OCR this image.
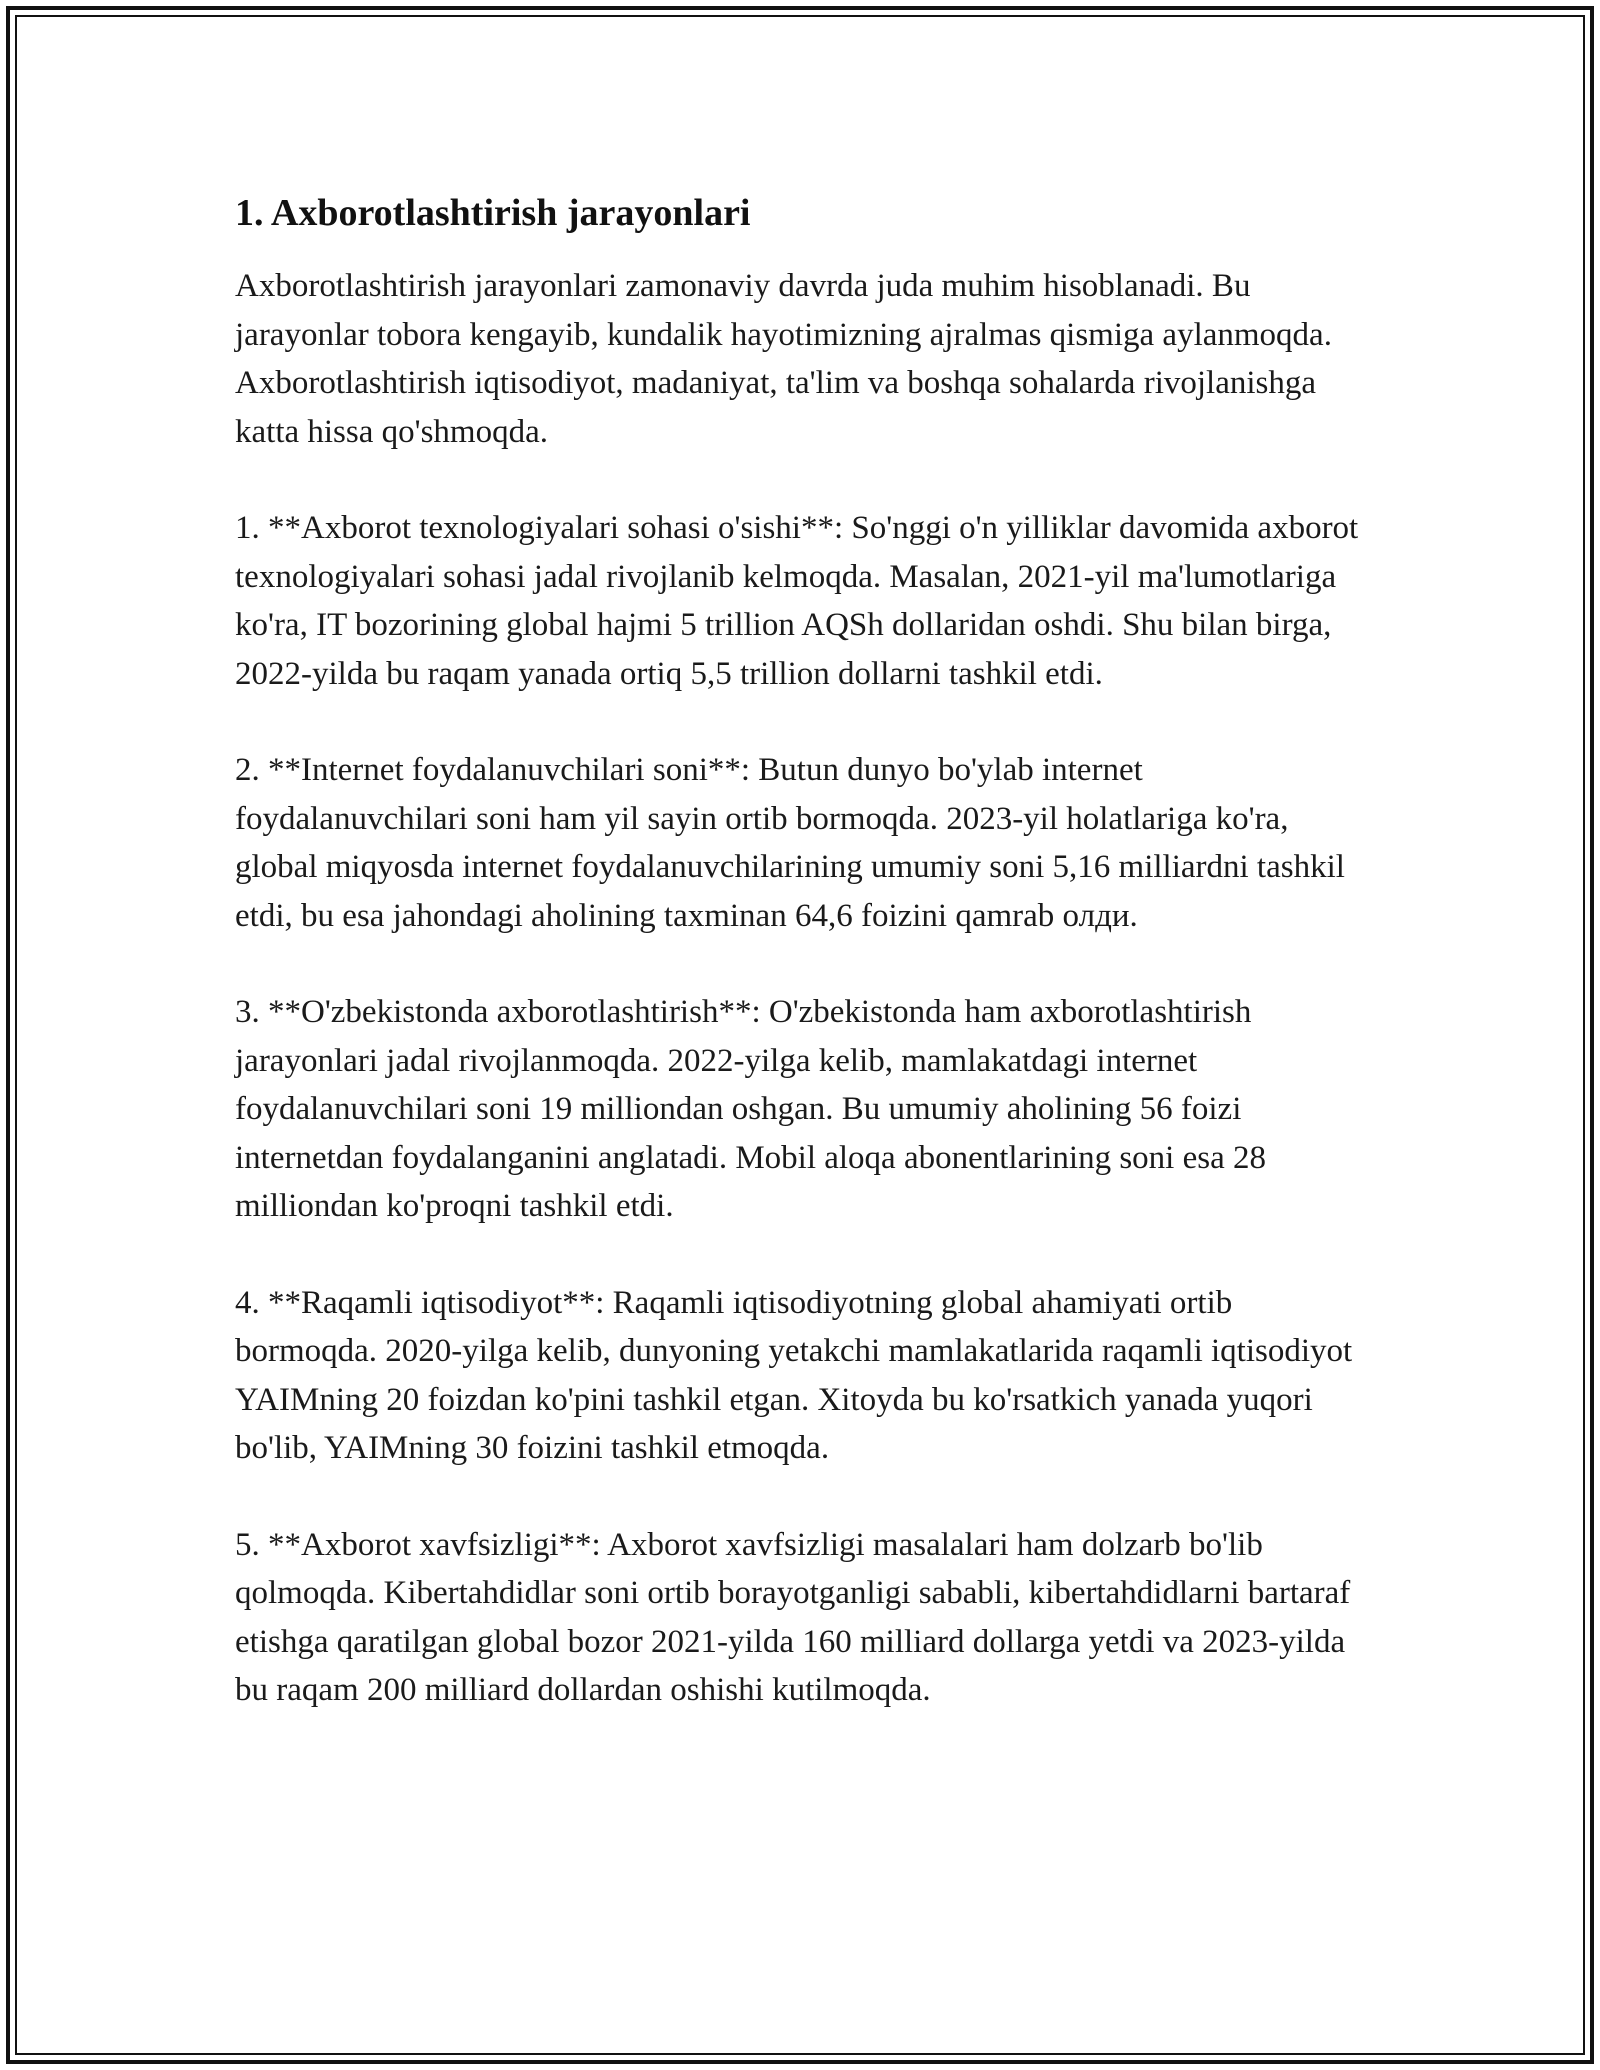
1. Axborotlashtirish jarayonlari

Axborotlashtirish jarayonlari zamonaviy davrda juda muhim hisoblanadi. Bu jarayonlar tobora kengayib, kundalik hayotimizning ajralmas qismiga aylanmoqda. Axborotlashtirish iqtisodiyot, madaniyat, ta'lim va boshqa sohalarda rivojlanishga katta hissa qo'shmoqda.

1. **Axborot texnologiyalari sohasi o'sishi**: So'nggi o'n yilliklar davomida axborot texnologiyalari sohasi jadal rivojlanib kelmoqda. Masalan, 2021-yil ma'lumotlariga ko'ra, IT bozorining global hajmi 5 trillion AQSh dollaridan oshdi. Shu bilan birga, 2022-yilda bu raqam yanada ortiq 5,5 trillion dollarni tashkil etdi.

2. **Internet foydalanuvchilari soni**: Butun dunyo bo'ylab internet foydalanuvchilari soni ham yil sayin ortib bormoqda. 2023-yil holatlariga ko'ra, global miqyosda internet foydalanuvchilarining umumiy soni 5,16 milliardni tashkil etdi, bu esa jahondagi aholining taxminan 64,6 foizini qamrab олди.

3. **O'zbekistonda axborotlashtirish**: O'zbekistonda ham axborotlashtirish jarayonlari jadal rivojlanmoqda. 2022-yilga kelib, mamlakatdagi internet foydalanuvchilari soni 19 milliondan oshgan. Bu umumiy aholining 56 foizi internetdan foydalanganini anglatadi. Mobil aloqa abonentlarining soni esa 28 milliondan ko'proqni tashkil etdi.

4. **Raqamli iqtisodiyot**: Raqamli iqtisodiyotning global ahamiyati ortib bormoqda. 2020-yilga kelib, dunyoning yetakchi mamlakatlarida raqamli iqtisodiyot YAIMning 20 foizdan ko'pini tashkil etgan. Xitoyda bu ko'rsatkich yanada yuqori bo'lib, YAIMning 30 foizini tashkil etmoqda.

5. **Axborot xavfsizligi**: Axborot xavfsizligi masalalari ham dolzarb bo'lib qolmoqda. Kibertahdidlar soni ortib borayotganligi sababli, kibertahdidlarni bartaraf etishga qaratilgan global bozor 2021-yilda 160 milliard dollarga yetdi va 2023-yilda bu raqam 200 milliard dollardan oshishi kutilmoqda.
